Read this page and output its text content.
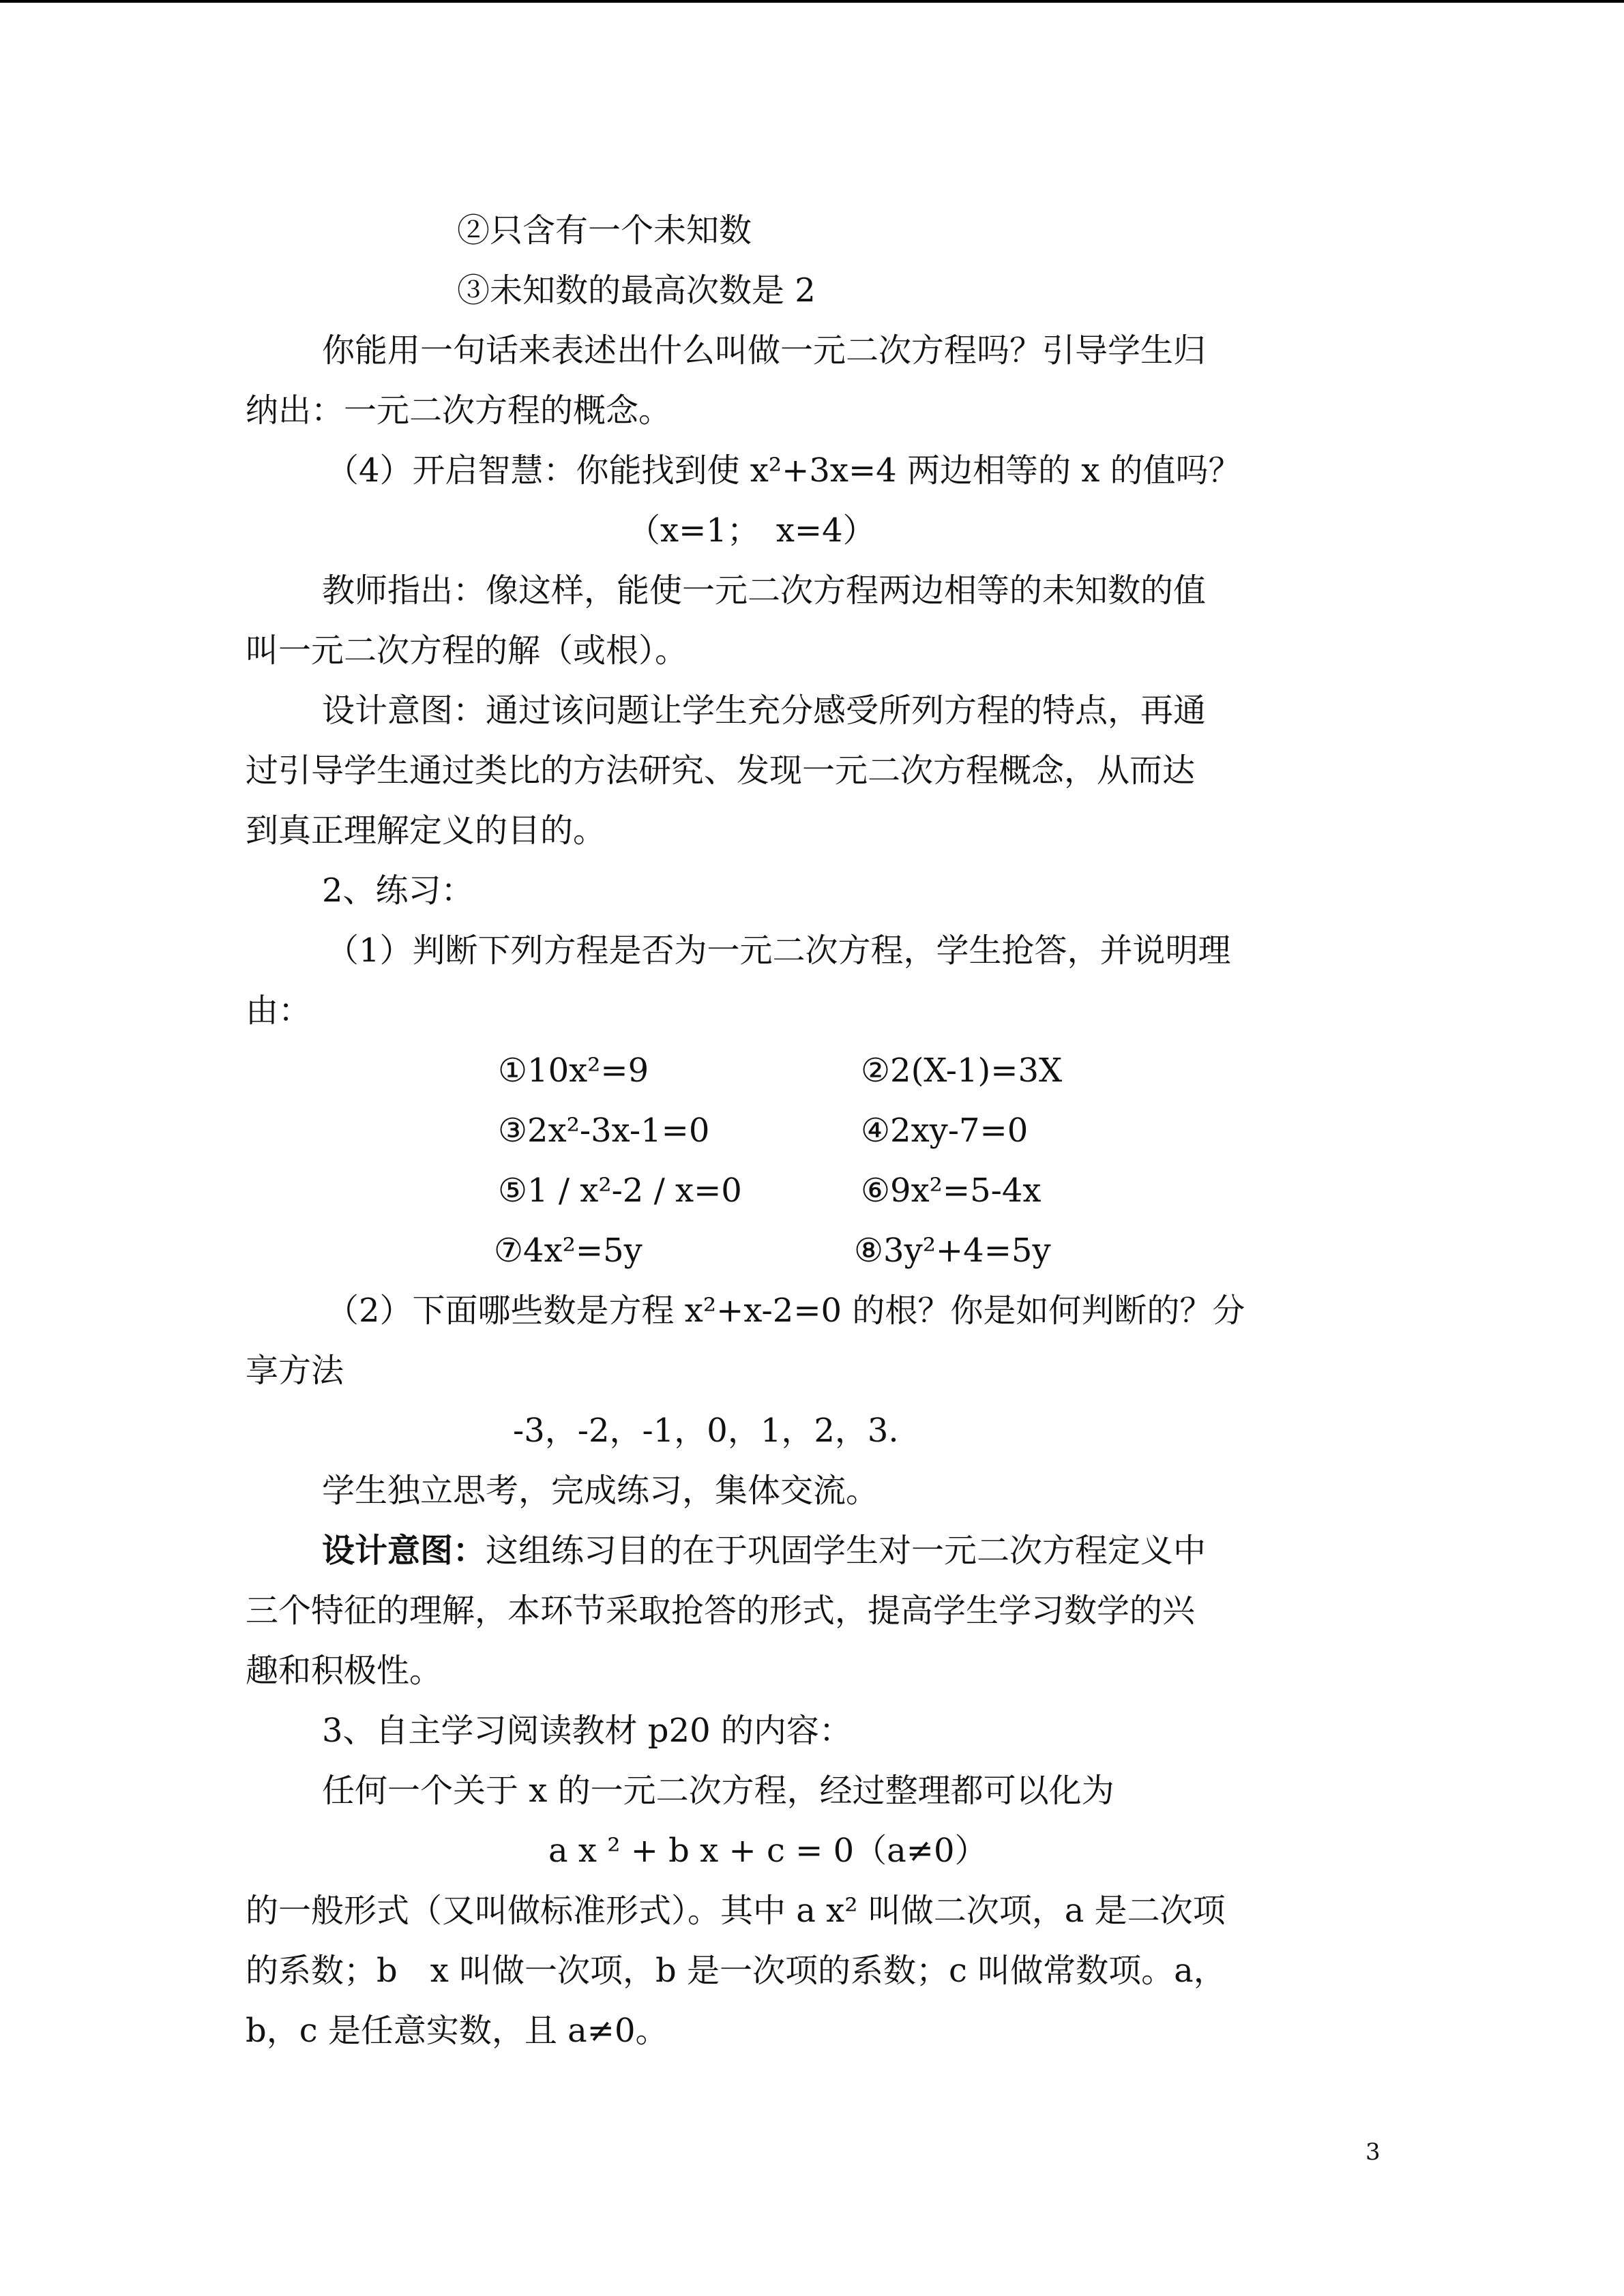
②只含有一个未知数
③未知数的最高次数是 2
你能用一句话来表述出什么叫做一元二次方程吗？引导学生归
纳出：一元二次方程的概念。
（4）开启智慧：你能找到使 x²+3x=4 两边相等的 x 的值吗？
（x=1；　x=4）
教师指出：像这样，能使一元二次方程两边相等的未知数的值
叫一元二次方程的解（或根）。
设计意图：通过该问题让学生充分感受所列方程的特点，再通
过引导学生通过类比的方法研究、发现一元二次方程概念，从而达
到真正理解定义的目的。
2、练习：
（1）判断下列方程是否为一元二次方程，学生抢答，并说明理
由：
①10x²=9	②2(X-1)=3X
③2x²-3x-1=0	④2xy-7=0
⑤1 / x²-2 / x=0	⑥9x²=5-4x
⑦4x²=5y	⑧3y²+4=5y
（2）下面哪些数是方程 x²+x-2=0 的根？你是如何判断的？分
享方法
-3，-2，-1，0，1，2，3.
学生独立思考，完成练习，集体交流。
设计意图：这组练习目的在于巩固学生对一元二次方程定义中
三个特征的理解，本环节采取抢答的形式，提高学生学习数学的兴
趣和积极性。
3、自主学习阅读教材 p20 的内容：
任何一个关于 x 的一元二次方程，经过整理都可以化为
a x ² + b x + c = 0（a≠0）
的一般形式（又叫做标准形式）。其中 a x² 叫做二次项，a 是二次项
的系数；b　x 叫做一次项，b 是一次项的系数；c 叫做常数项。a，
b，c 是任意实数，且 a≠0。
3
